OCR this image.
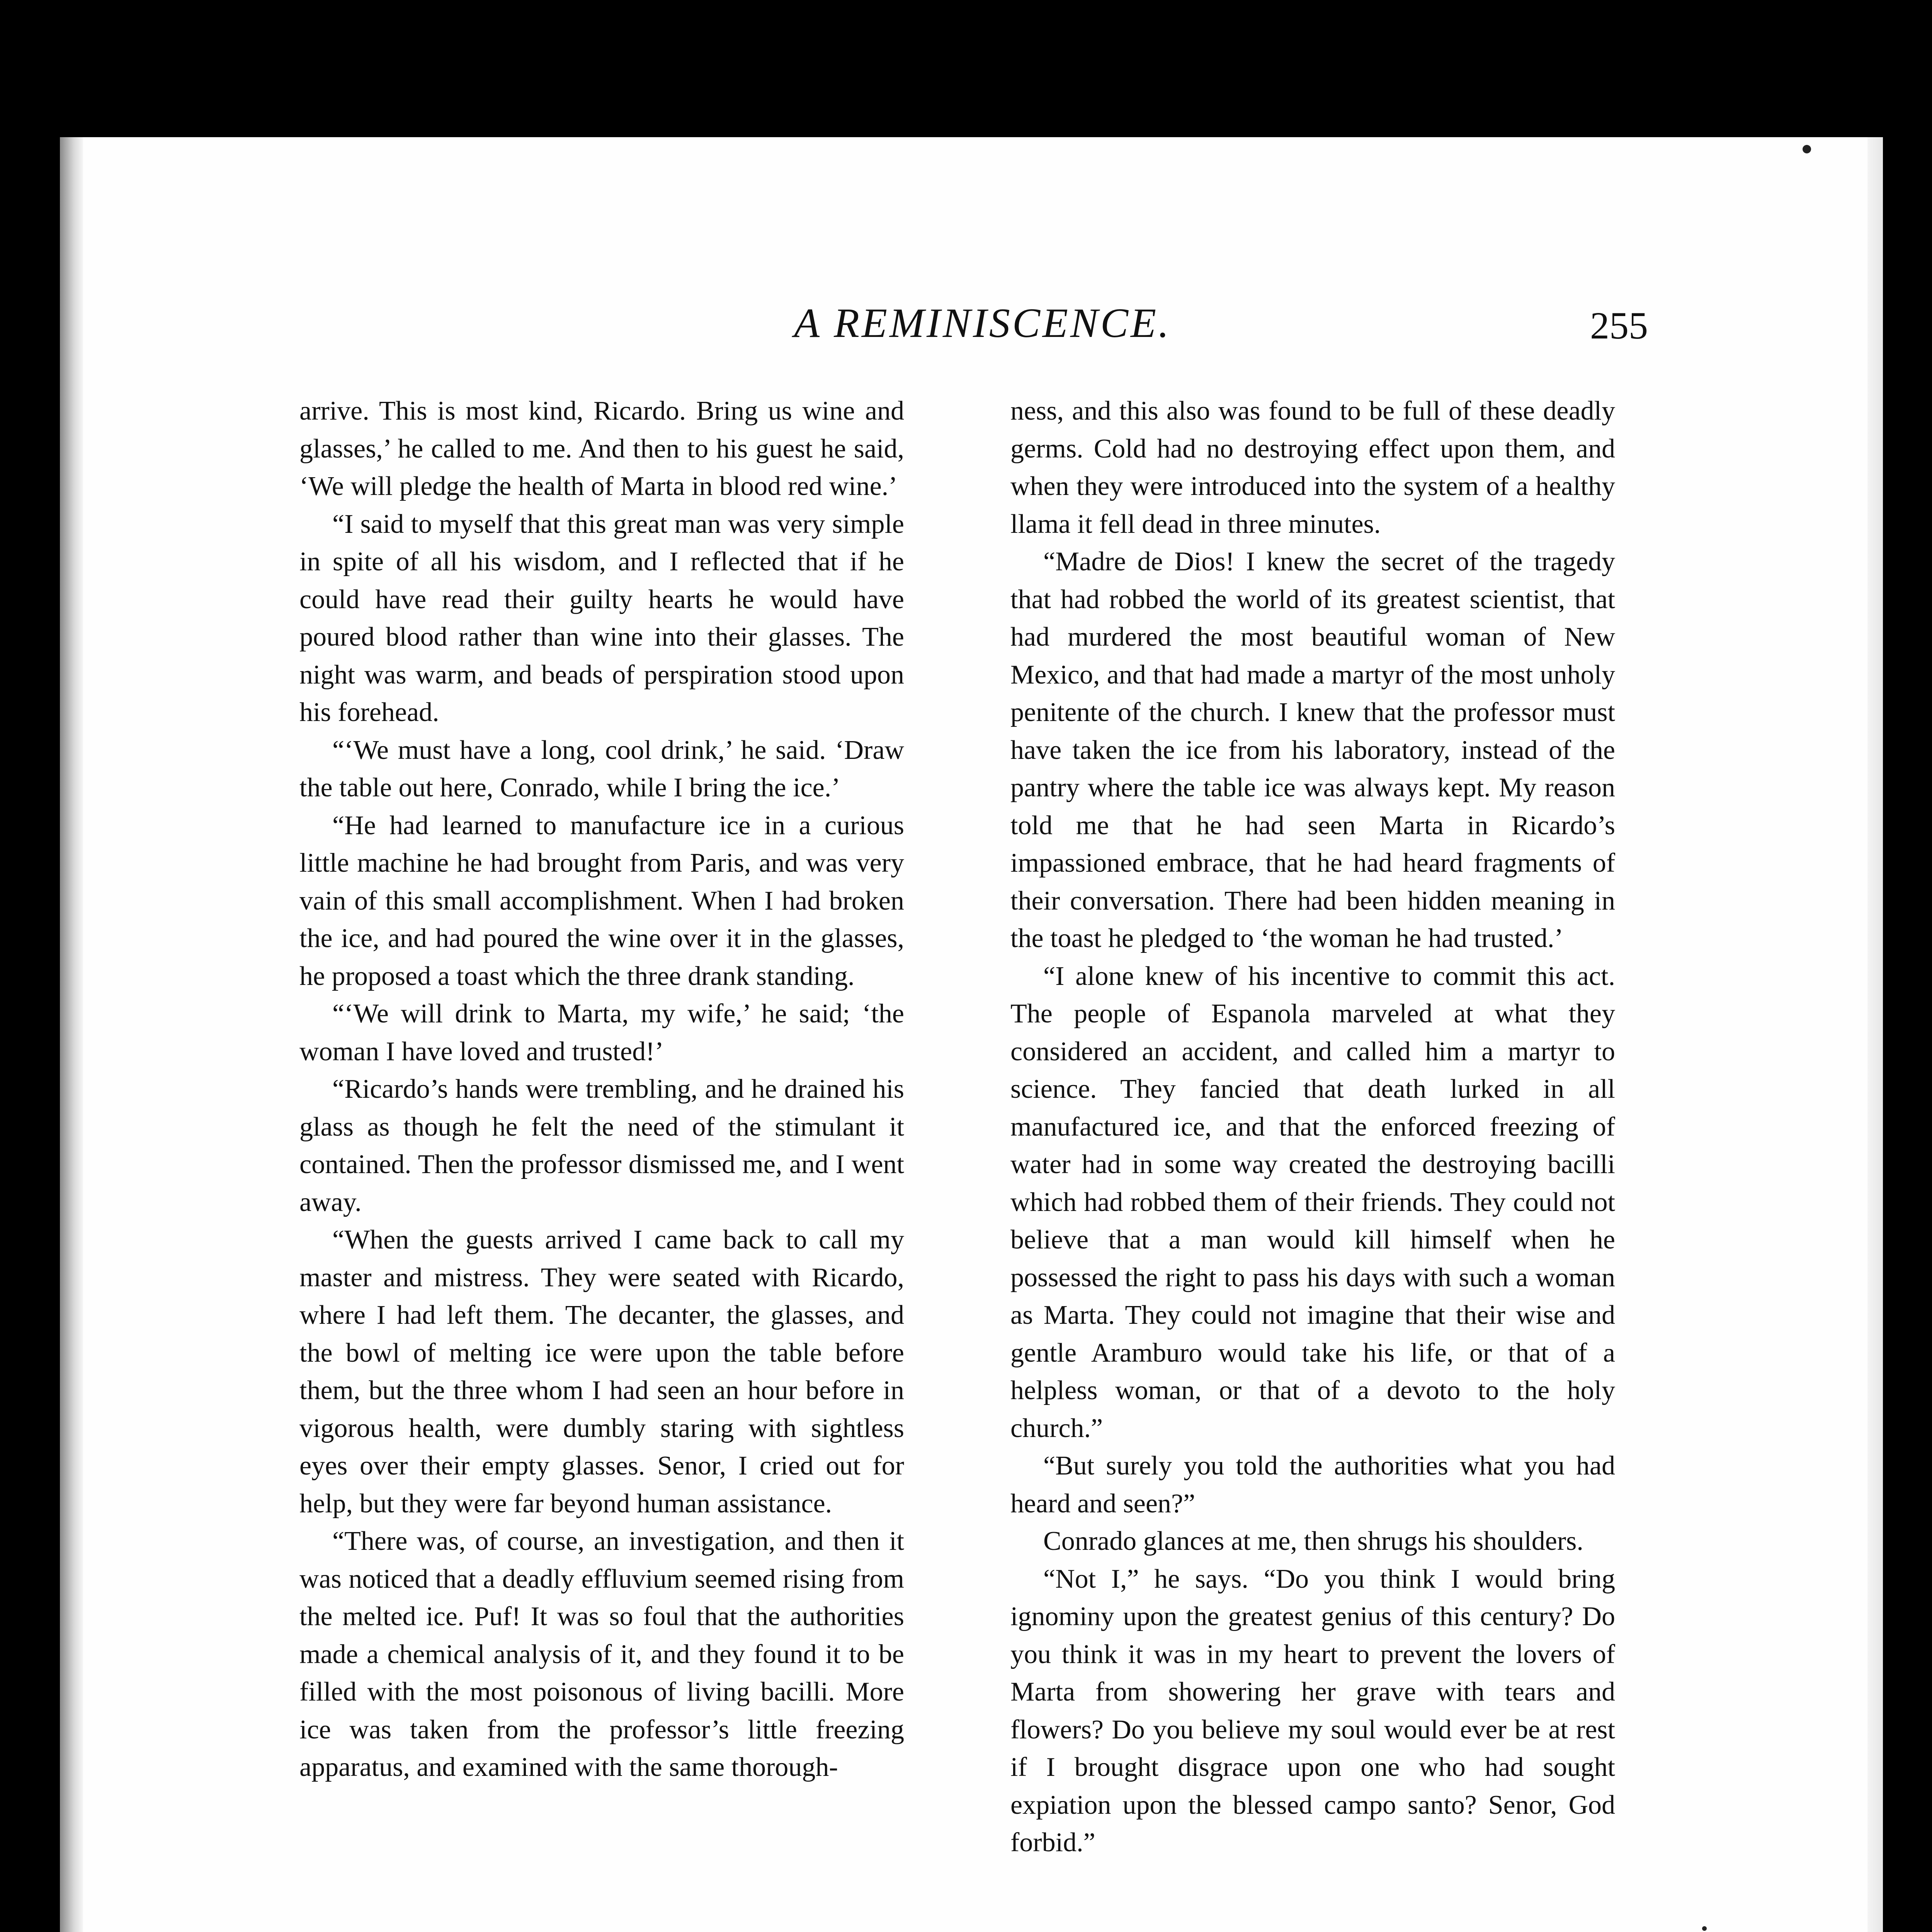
A REMINISCENCE.	255

arrive. This is most kind, Ricardo. Bring us wine and glasses,’ he called to me. And then to his guest he said, ‘We will pledge the health of Marta in blood red wine.’

“I said to myself that this great man was very simple in spite of all his wisdom, and I reflected that if he could have read their guilty hearts he would have poured blood rather than wine into their glasses. The night was warm, and beads of perspiration stood upon his forehead.

“‘We must have a long, cool drink,’ he said. ‘Draw the table out here, Conrado, while I bring the ice.’

“He had learned to manufacture ice in a curious little machine he had brought from Paris, and was very vain of this small accomplishment. When I had broken the ice, and had poured the wine over it in the glasses, he proposed a toast which the three drank standing.

“‘We will drink to Marta, my wife,’ he said; ‘the woman I have loved and trusted!’

“Ricardo’s hands were trembling, and he drained his glass as though he felt the need of the stimulant it contained. Then the professor dismissed me, and I went away.

“When the guests arrived I came back to call my master and mistress. They were seated with Ricardo, where I had left them. The decanter, the glasses, and the bowl of melting ice were upon the table before them, but the three whom I had seen an hour before in vigorous health, were dumbly staring with sightless eyes over their empty glasses. Senor, I cried out for help, but they were far beyond human assistance.

“There was, of course, an investigation, and then it was noticed that a deadly effluvium seemed rising from the melted ice. Puf! It was so foul that the authorities made a chemical analysis of it, and they found it to be filled with the most poisonous of living bacilli. More ice was taken from the professor’s little freezing apparatus, and examined with the same thorough-

ness, and this also was found to be full of these deadly germs. Cold had no destroying effect upon them, and when they were introduced into the system of a healthy llama it fell dead in three minutes.

“Madre de Dios! I knew the secret of the tragedy that had robbed the world of its greatest scientist, that had murdered the most beautiful woman of New Mexico, and that had made a martyr of the most unholy penitente of the church. I knew that the professor must have taken the ice from his laboratory, instead of the pantry where the table ice was always kept. My reason told me that he had seen Marta in Ricardo’s impassioned embrace, that he had heard fragments of their conversation. There had been hidden meaning in the toast he pledged to ‘the woman he had trusted.’

“I alone knew of his incentive to commit this act. The people of Espanola marveled at what they considered an accident, and called him a martyr to science. They fancied that death lurked in all manufactured ice, and that the enforced freezing of water had in some way created the destroying bacilli which had robbed them of their friends. They could not believe that a man would kill himself when he possessed the right to pass his days with such a woman as Marta. They could not imagine that their wise and gentle Aramburo would take his life, or that of a helpless woman, or that of a devoto to the holy church.”

“But surely you told the authorities what you had heard and seen?”

Conrado glances at me, then shrugs his shoulders.

“Not I,” he says. “Do you think I would bring ignominy upon the greatest genius of this century? Do you think it was in my heart to prevent the lovers of Marta from showering her grave with tears and flowers? Do you believe my soul would ever be at rest if I brought disgrace upon one who had sought expiation upon the blessed campo santo? Senor, God forbid.”
